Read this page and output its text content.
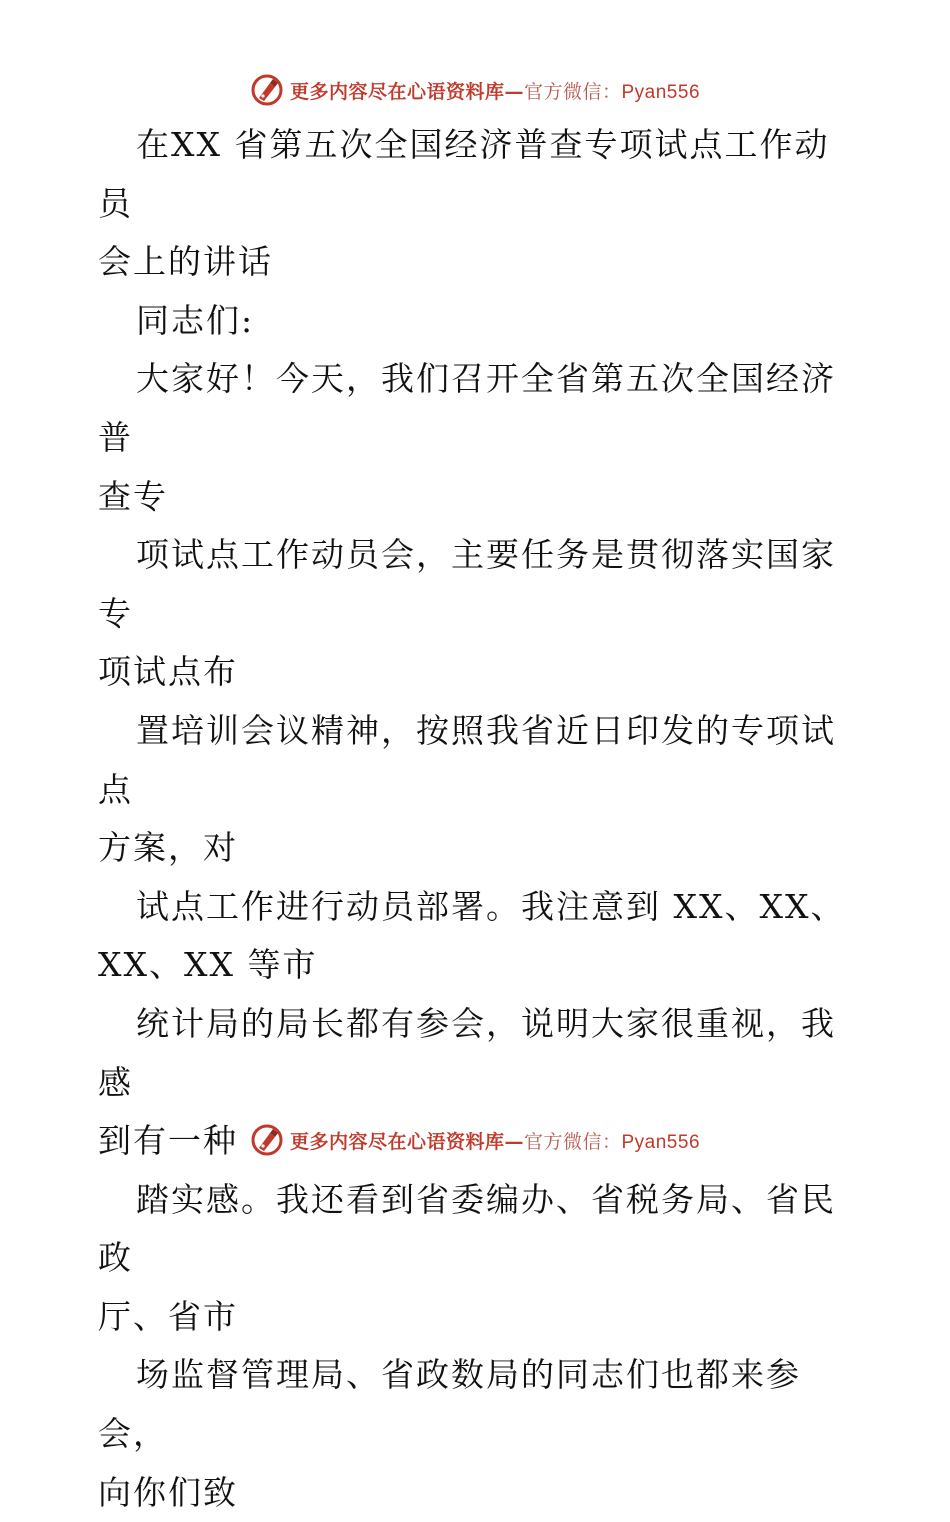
更多内容尽在心语资料库—官方微信：Pyan556

在XX 省第五次全国经济普查专项试点工作动员

会上的讲话

同志们:

大家好！今天，我们召开全省第五次全国经济普

查专

项试点工作动员会，主要任务是贯彻落实国家专

项试点布

置培训会议精神，按照我省近日印发的专项试点

方案，对

试点工作进行动员部署。我注意到 XX、XX、

XX、XX 等市

统计局的局长都有参会，说明大家很重视，我感

到有一种

踏实感。我还看到省委编办、省税务局、省民政

厅、省市

场监督管理局、省政数局的同志们也都来参会，

向你们致

更多内容尽在心语资料库—官方微信：Pyan556
